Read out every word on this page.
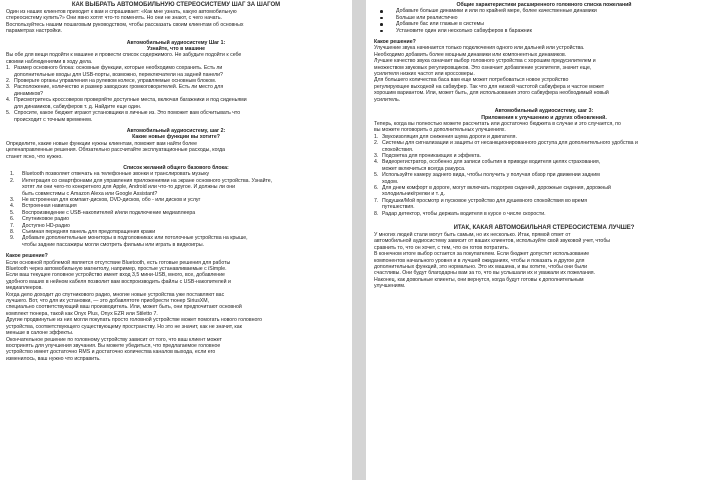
КАК ВЫБРАТЬ АВТОМОБИЛЬНУЮ СТЕРЕОСИСТЕМУ ШАГ ЗА ШАГОМ

Один из наших клиентов приходит к вам и спрашивает: «Как мне узнать, какую автомобильную

стереосистему купить?» Они явно хотят что-то поменять. Но они не знают, с чего начать.

Воспользуйтесь нашим пошаговым руководством, чтобы рассказать своим клиентам об основных

параметрах настройки.

Автомобильный аудиосистему Шаг 1:

Узнайте, что в машине

Вы обе для вещи подойти к машине и провести список содержимого. Не забудьте подойти к себе

своими наблюдениями в ходу дела.

1. Размер основного блока: основные функции, которые необходимо сохранить. Есть ли
дополнительные входы для USB-порты, возможно, переключатели на задней панели?
2. Проверьте органы управления на рулевом колесе, управляемые основным блоком.
3. Расположение, количество и размер заводских громкоговорителей. Есть ли место для
динамиков?
4. Присмотритесь кроссоверов проверяйте доступные места, включая багажники и под сиденьями
для динамиков, сабвуферов т. д. Найдите еще один.
5. Спросите, какое бюджет играют установщики в личные из. Это поможет вам обсчитывать что
происходит с точным временем.

Автомобильный аудиосистему, шаг 2:

Какие новые функции вы хотите?

Определите, какие новые функции нужны клиентам, поможет вам найти более

целенаправленные решения. Обязательно рассчитайте эксплуатационные расходы, когда

станет ясно, что нужно.

Список желаний общего базового блока:

1.	Bluetooth позволяет отвечать на телефонные звонки и транслировать музыку
2.	Интеграция со смартфонами для управления приложениями на экране основного устройства. Узнайте,
хотят ли они чего-то конкретного для Apple, Android или что-то другое. И должны ли они
быть совместимы с Amazon Alexa или Google Assistant?
3.	Не встроенная для компакт-дисков, DVD-дисков, обо - или дисков и услуг
4.	Встроенная навигация
5.	Воспроизведение с USB-накопителей и/или подключение медиаплеера
6.	Спутниковое радио
7.	Доступно HD-радио
8.	Съемная передняя панель для предотвращения кражи
9.	Добавьте дополнительные мониторы в подголовниках или потолочные устройства на крыше,
чтобы задние пассажиры могли смотреть фильмы или играть в видеоигры.

Какое решение?

Если основной проблемой является отсутствие Bluetooth, есть готовые решения для работы

Bluetooth через автомобильную магнитолу, например, простые устанавливаемые с iSimple.

Если ваш текущее головное устройство имеет вход 3,5 мини-USB, много, все, добавление

удобного ваших в нейном кабеля позволит вам воспроизводить файлы с USB-накопителей и

медиаплееров.

Когда дело доходит до спутникового радио, многие новые устройства уже поставляют вас

лучшего. Вот, что для их установки, — это добавлятоте приобрести тюнер SiriusXM,

специально соответствующий ваш производитель. Или, может быть, они предпочитают основной

комплект тюнера, такой как Onyx Plus, Onyx EZR или Stiletto 7.

Другие продвинутые из них могли покупать просто головной устройстве может помогать нового головного

устройства, соответствующего существующему пространству. Но это не значит, как не значит, как

меньше в салоне эффекты.

Окончательное решение по головному устройству зависит от того, что ваш клиент может

воспринять для улучшения звучания. Вы можете убедиться, что предлагаемое головное

устройство имеет достаточно RMS и достаточно количества каналов выхода, если его

изменилось, ваш нужно что исправить.

Общие характеристики расширенного головного списка пожеланий

Добавьте больше динамики и или по крайней мере, более качественные динамики
Больше или реалистично
Добавьте бас или глажые в системы
Установите один или несколько сабвуферов в баражник

Какое решение?

Улучшение звука начинается только подключения одного или дальней или устройства.

Необходимо добавить более мощным динамики или компонентных динамиков.

Лучшее качество звука означает выбор головного устройства с хорошим предусилителем и

множеством звуковых регулировщиков. Это означает добавление усилителя, значит еще,

усилителя низких частот или кроссоверы.

Для большего количества баса вам еще может потребоваться новое устройство

регулирующее выходной на сабвуфер. Так что для низкой частотой сабвуфера и частое может

хорошим вариантом. Или, может быть, для использования этого сабвуфера необходимый новый

усилитель.

Автомобильный аудиосистему, шаг 3:

Приложения к улучшению и других обновлений.

Теперь, когда вы полностью можете рассчитать или достаточно бюджета в случае и это случается, по

вы можете поговорить о дополнительных улучшениях.

1. Звукоизоляция для снижения шума дороги и двигателя.
2. Системы для сигнализации и защиты от несанкционированного доступа для дополнительного удобства и
спокойствия.
3. Подсветка для проникающих и эффекта.
4. Видеорегистратор, особенно для записи события в приводе водителя целях страхования,
может включиться всегда ракурса.
5. Используйте камеру заднего вида, чтобы получить у получая обзор при движении задним
ходом.
6. Для днем комфорт в дороге, могут включать подогрев сидений, дорожные сидения, дорожный
холодильник/грелки и т. д.
7. Подушки/Мой просмотр и пусковое устройство для душевного спокойствия во время
путешествия.
8. Радар детектор, чтобы держать водителя в курсе о числе скорости.

ИТАК, КАКАЯ АВТОМОБИЛЬНАЯ СТЕРЕОСИСТЕМА ЛУЧШЕ?

У многих людей стали могут быть самым, но их несколько. Итак, прямой ответ от

автомобильной аудиосистему зависит от ваших клиентов, используйте свой звуковой учет, чтобы

сравнить то, что он хочет, с тем, что он готов потратить.

В конечном итоге выбор остается за покупателем. Если бюджет допустит использование

компонентов начального уровня и в лучшей ожиданиях, чтобы и показать и другое для

дополнительных функций, это нормально. Это их машина, и вы хотите, чтобы они были

счастливы. Они будут благодарны вам за то, что вы услышали их и уважали их пожелания.

Наконец, как довольные клиенты, они вернутся, когда будут готовы к дополнительным

улучшениям.
